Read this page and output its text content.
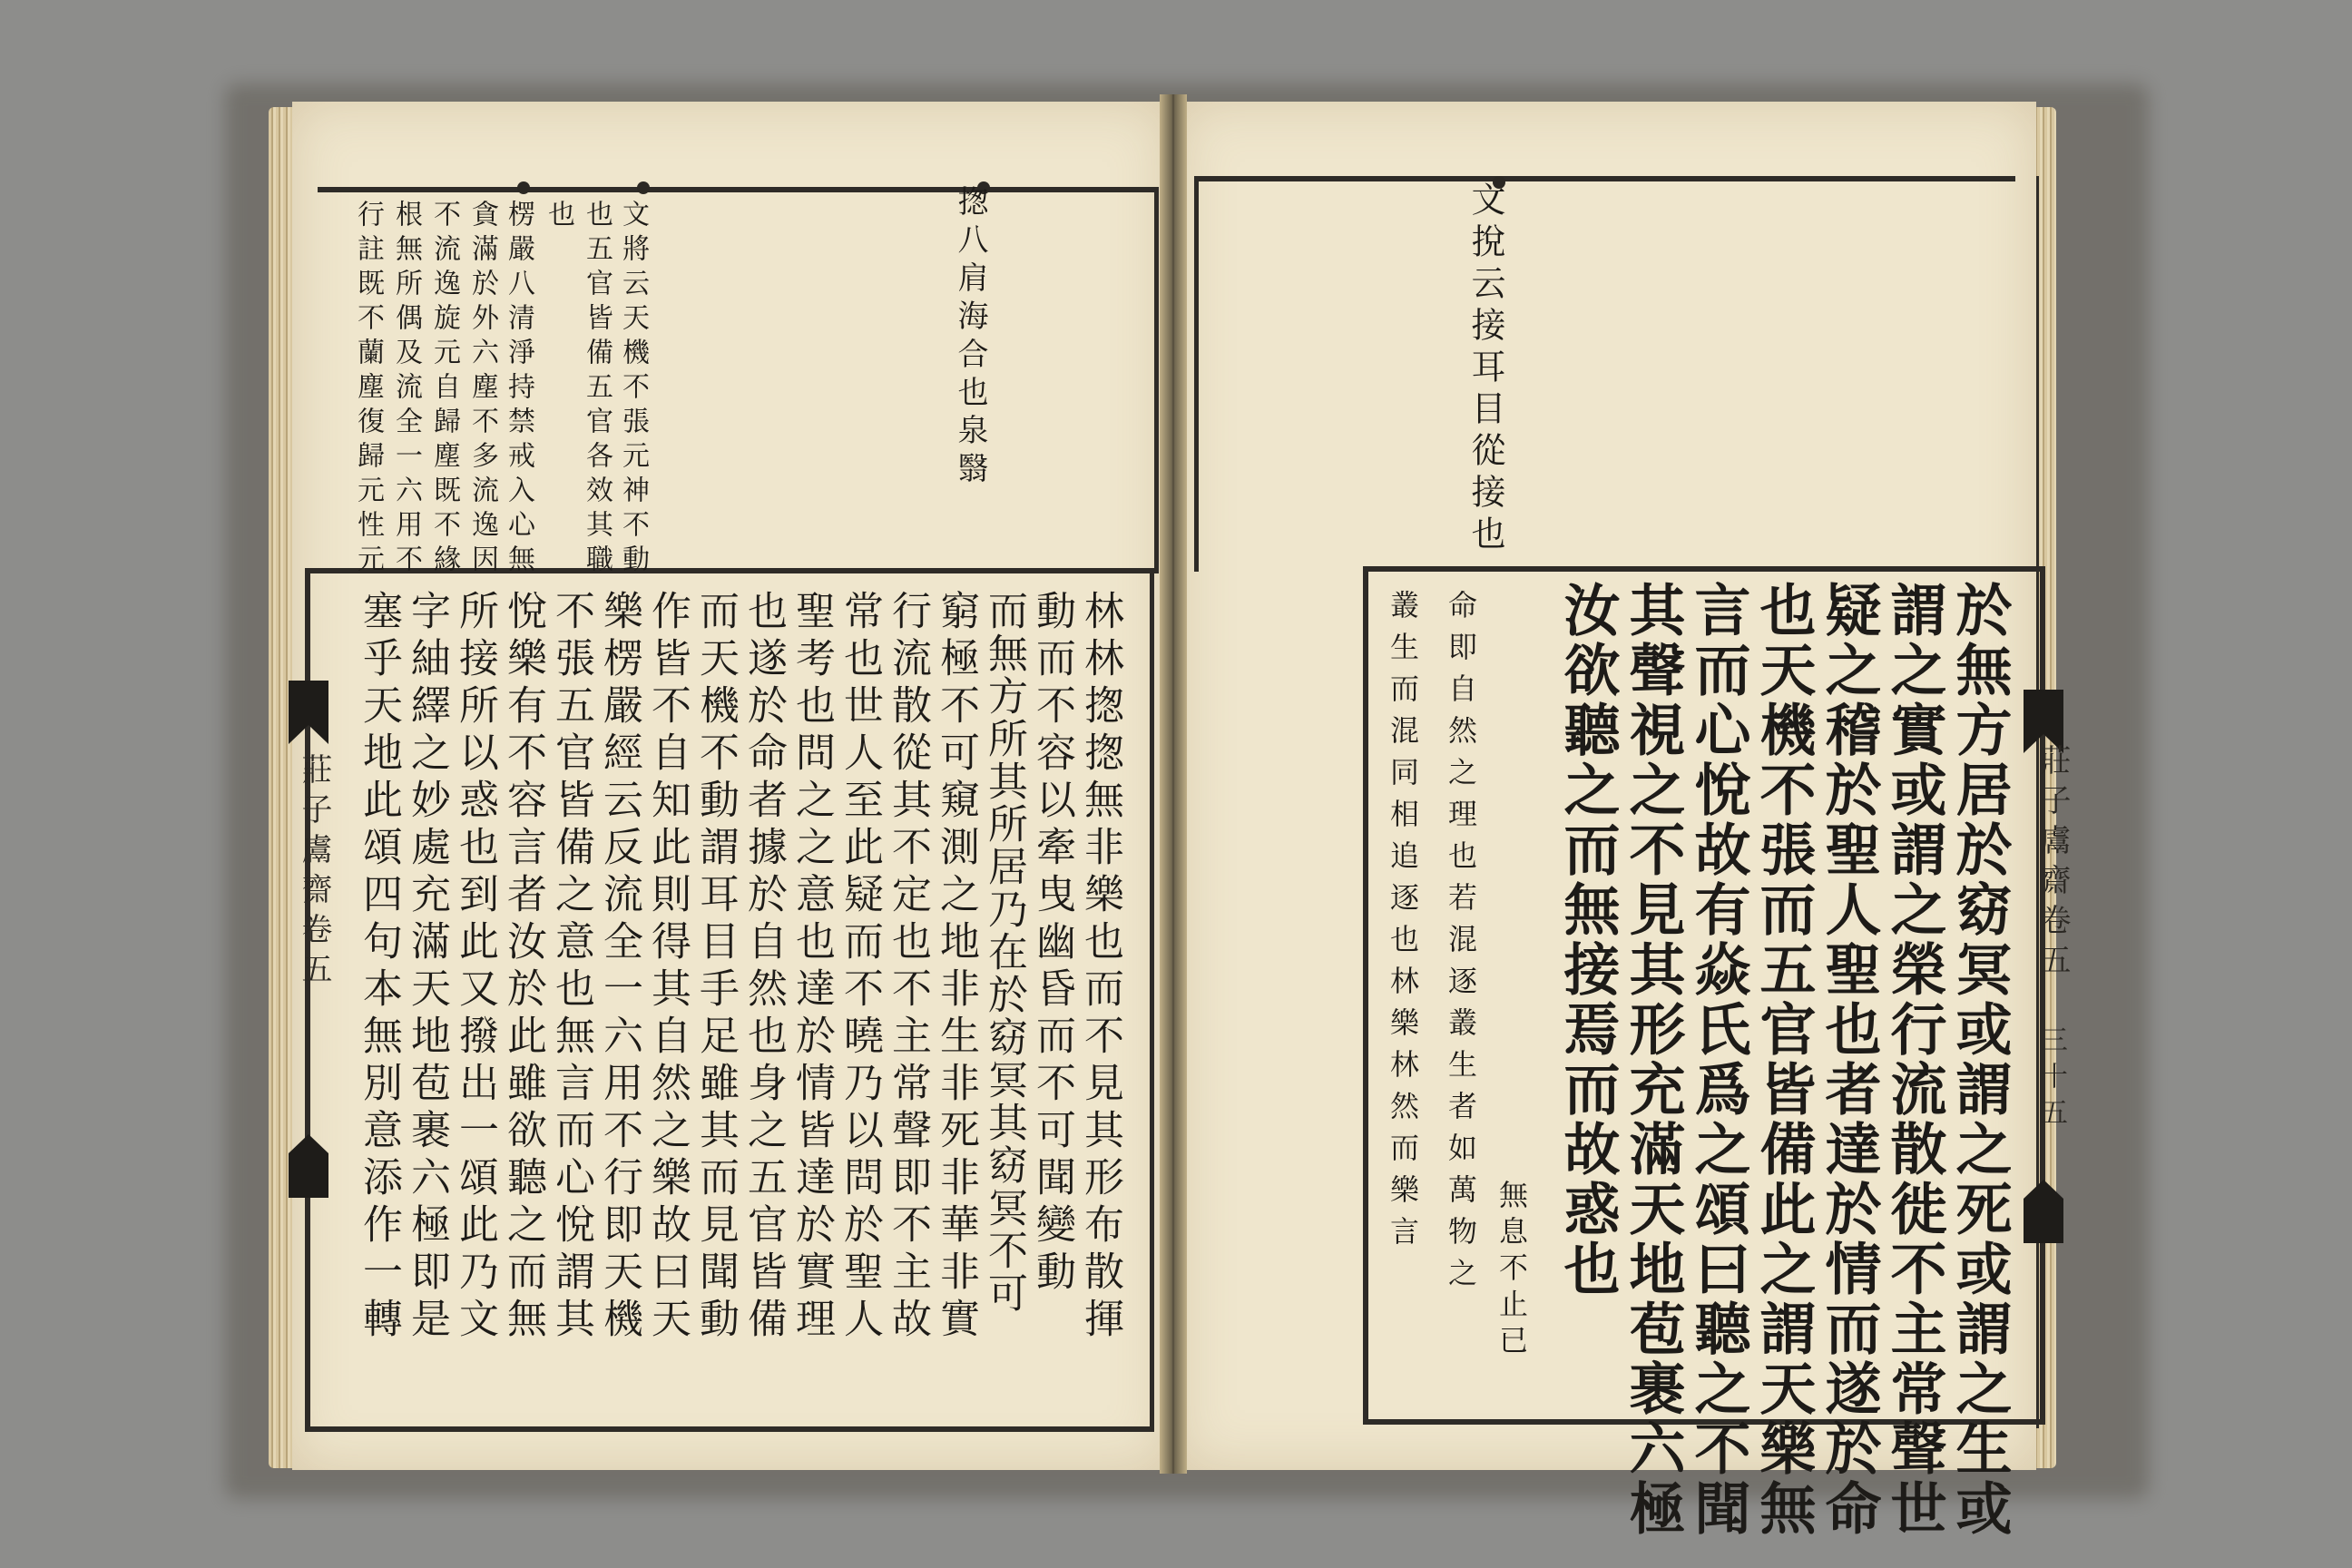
莊子鬳齋卷五	莊子鬳齋卷五
三十五
揔八肩海合也泉翳
文將云天機不張元神不動
也五官皆備五官各效其職
也
楞嚴八清淨持禁戒入心無
貪滿於外六塵不多流逸因
不流逸旋元自歸塵既不緣
根無所偶及流全一六用不
行註既不蘭塵復歸元性元
林林揔揔無非樂也而不見其形布散揮
動而不容以牽曳幽昏而不可聞變動
而無方所其所居乃在於窈冥其窈冥不可
窮極不可窺測之地非生非死非華非實
行流散從其不定也不主常聲即不主故
常也世人至此疑而不曉乃以問於聖人
聖考也問之之意也達於情皆達於實理
也遂於命者據於自然也身之五官皆備
而天機不動謂耳目手足雖其而見聞動
作皆不自知此則得其自然之樂故曰天
樂楞嚴經云反流全一六用不行即天機
不張五官皆備之意也無言而心悅謂其
悅樂有不容言者汝於此雖欲聽之而無
所接所以惑也到此又撥出一頌此乃文
字紬繹之妙處充滿天地苞裹六極即是
塞乎天地此頌四句本無別意添作一轉
文挩云接耳目從接也
於無方居於窈冥或謂之死或謂之生或
謂之實或謂之榮行流散徙不主常聲世
疑之稽於聖人聖也者達於情而遂於命
也天機不張而五官皆備此之謂天樂無
言而心悅故有焱氏爲之頌曰聽之不聞
其聲視之不見其形充滿天地苞裹六極
汝欲聽之而無接焉而故惑也
無息不止已
命即自然之理也若混逐叢生者如萬物之
叢生而混同相追逐也林樂林然而樂言
